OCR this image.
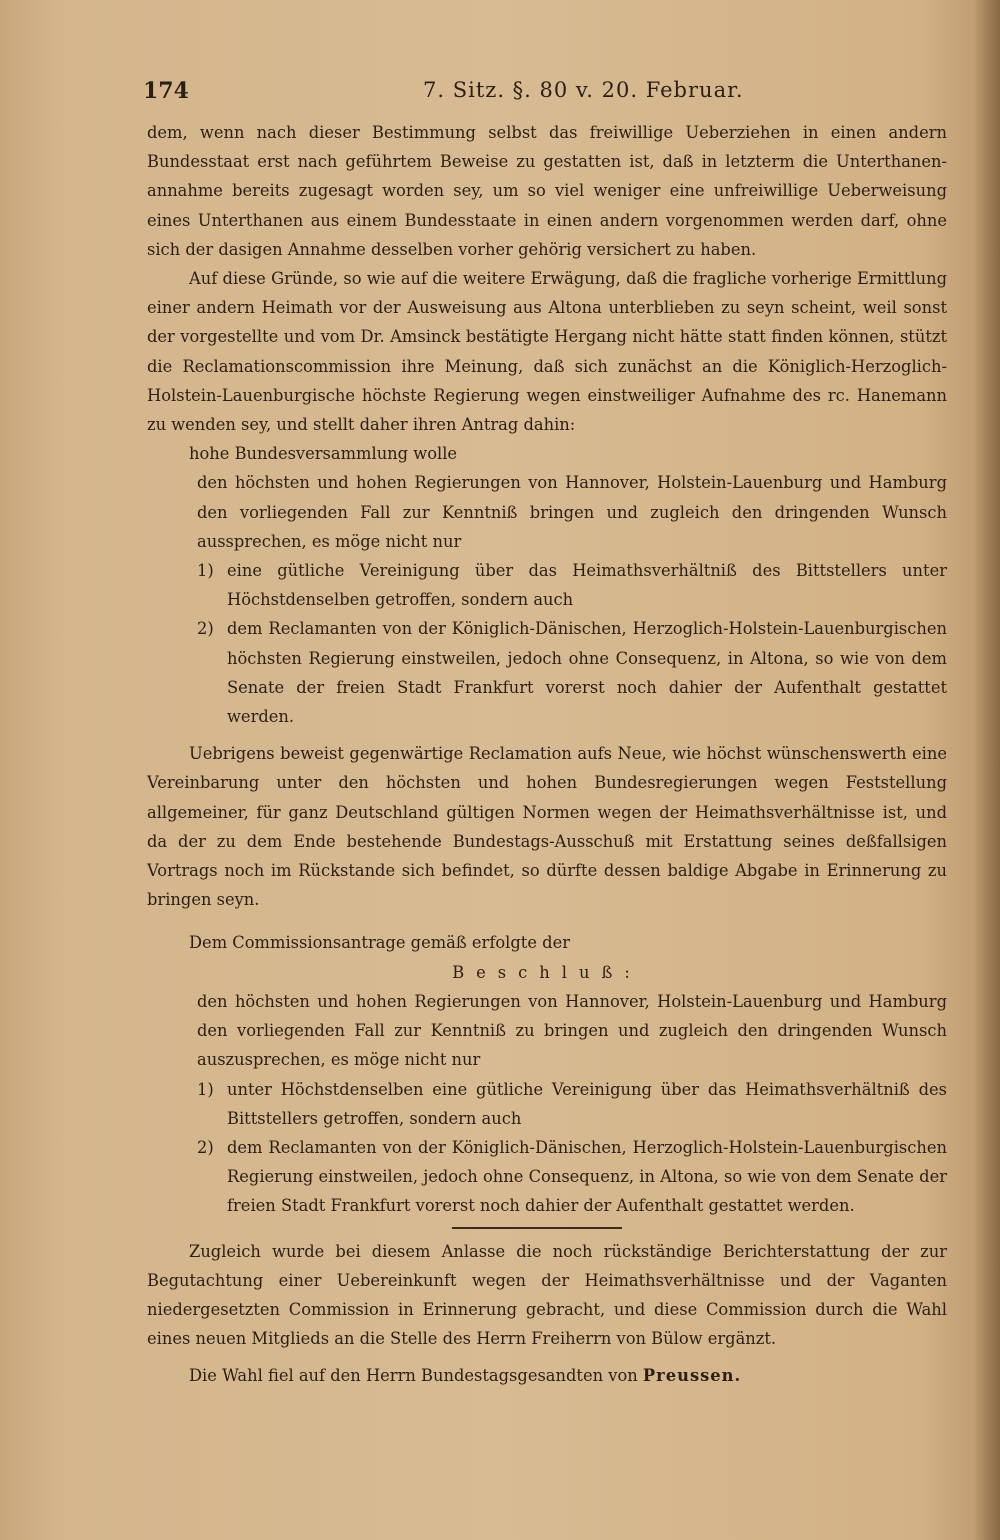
174	7. Sitz. §. 80 v. 20. Februar.

dem, wenn nach dieser Bestimmung selbst das freiwillige Ueberziehen in einen andern Bundesstaat erst nach geführtem Beweise zu gestatten ist, daß in letzterm die Unterthanen-annahme bereits zugesagt worden sey, um so viel weniger eine unfreiwillige Ueberweisung eines Unterthanen aus einem Bundesstaate in einen andern vorgenommen werden darf, ohne sich der dasigen Annahme desselben vorher gehörig versichert zu haben.

Auf diese Gründe, so wie auf die weitere Erwägung, daß die fragliche vorherige Ermittlung einer andern Heimath vor der Ausweisung aus Altona unterblieben zu seyn scheint, weil sonst der vorgestellte und vom Dr. Amsinck bestätigte Hergang nicht hätte statt finden können, stützt die Reclamationscommission ihre Meinung, daß sich zunächst an die Königlich-Herzoglich-Holstein-Lauenburgische höchste Regierung wegen einstweiliger Aufnahme des rc. Hanemann zu wenden sey, und stellt daher ihren Antrag dahin:

hohe Bundesversammlung wolle

den höchsten und hohen Regierungen von Hannover, Holstein-Lauenburg und Hamburg den vorliegenden Fall zur Kenntniß bringen und zugleich den dringenden Wunsch aussprechen, es möge nicht nur

1) eine gütliche Vereinigung über das Heimathsverhältniß des Bittstellers unter Höchstdenselben getroffen, sondern auch
2) dem Reclamanten von der Königlich-Dänischen, Herzoglich-Holstein-Lauenburgischen höchsten Regierung einstweilen, jedoch ohne Consequenz, in Altona, so wie von dem Senate der freien Stadt Frankfurt vorerst noch dahier der Aufenthalt gestattet werden.

Uebrigens beweist gegenwärtige Reclamation aufs Neue, wie höchst wünschenswerth eine Vereinbarung unter den höchsten und hohen Bundesregierungen wegen Feststellung allgemeiner, für ganz Deutschland gültigen Normen wegen der Heimathsverhältnisse ist, und da der zu dem Ende bestehende Bundestags-Ausschuß mit Erstattung seines deßfallsigen Vortrags noch im Rückstande sich befindet, so dürfte dessen baldige Abgabe in Erinnerung zu bringen seyn.

Dem Commissionsantrage gemäß erfolgte der

Beschluß:

den höchsten und hohen Regierungen von Hannover, Holstein-Lauenburg und Hamburg den vorliegenden Fall zur Kenntniß zu bringen und zugleich den dringenden Wunsch auszusprechen, es möge nicht nur

1) unter Höchstdenselben eine gütliche Vereinigung über das Heimathsverhältniß des Bittstellers getroffen, sondern auch
2) dem Reclamanten von der Königlich-Dänischen, Herzoglich-Holstein-Lauenburgischen Regierung einstweilen, jedoch ohne Consequenz, in Altona, so wie von dem Senate der freien Stadt Frankfurt vorerst noch dahier der Aufenthalt gestattet werden.

Zugleich wurde bei diesem Anlasse die noch rückständige Berichterstattung der zur Begutachtung einer Uebereinkunft wegen der Heimathsverhältnisse und der Vaganten niedergesetzten Commission in Erinnerung gebracht, und diese Commission durch die Wahl eines neuen Mitglieds an die Stelle des Herrn Freiherrn von Bülow ergänzt.

Die Wahl fiel auf den Herrn Bundestagsgesandten von Preussen.
